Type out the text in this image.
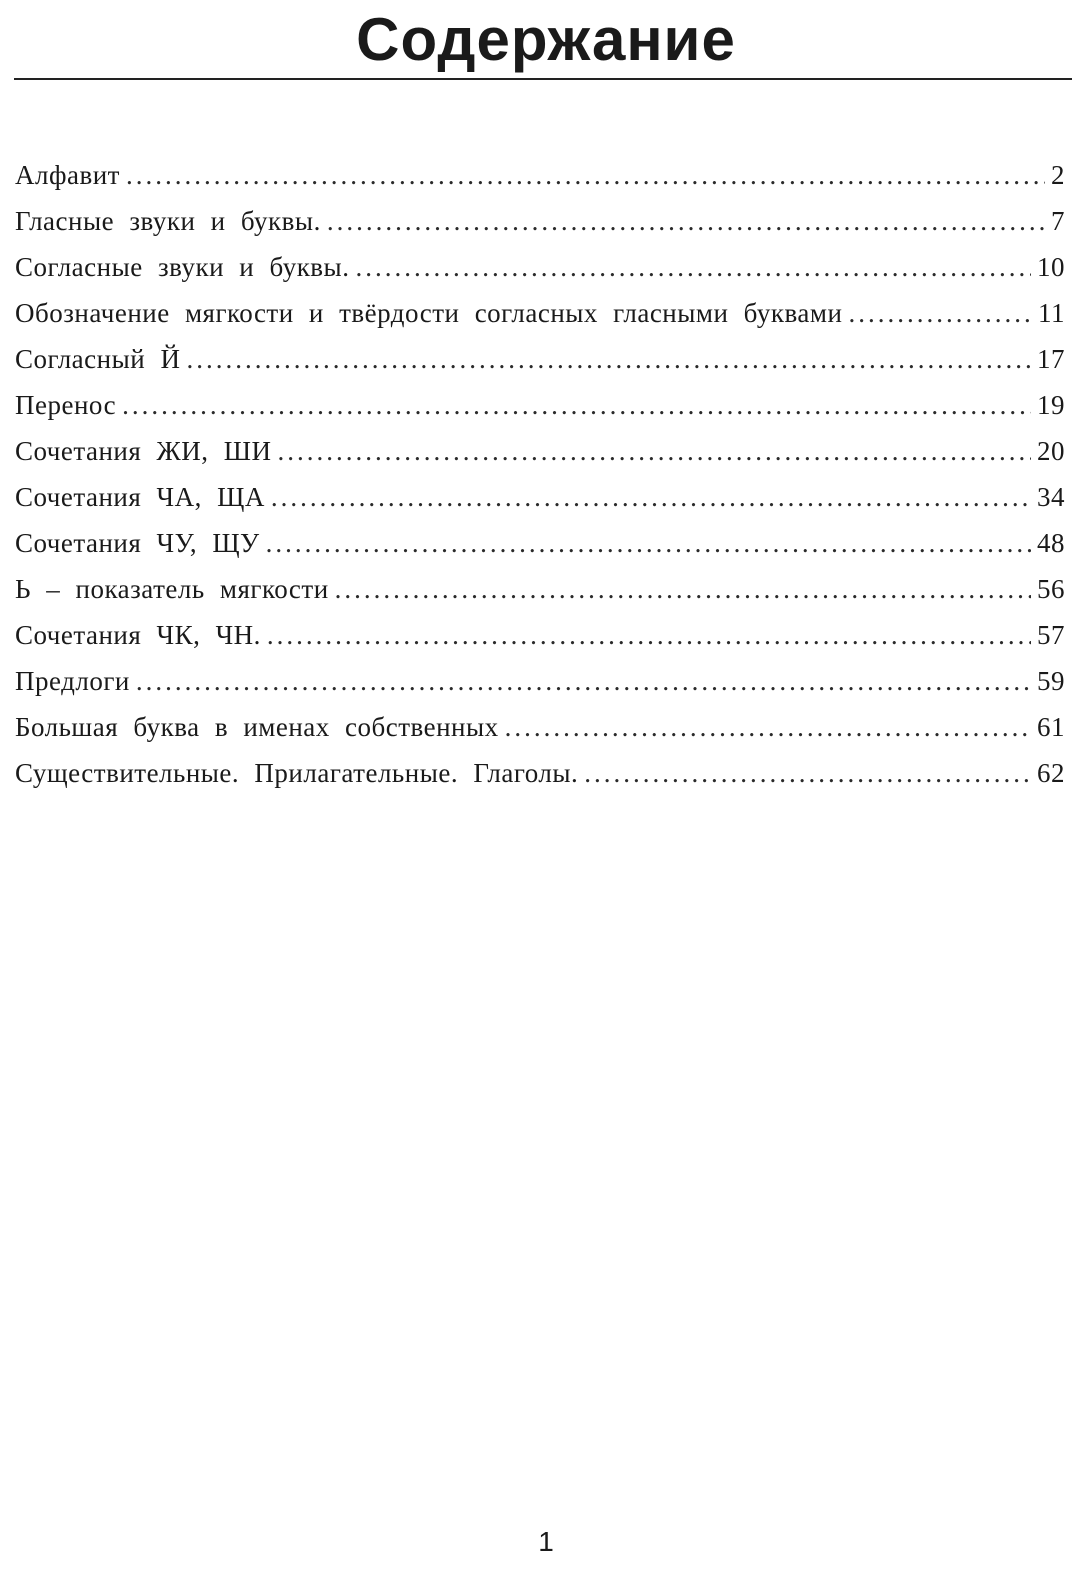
Содержание
Алфавит .....	2
Гласные звуки и буквы. .....	7
Согласные звуки и буквы. .....	10
Обозначение мягкости и твёрдости согласных гласными буквами .....	11
Согласный Й .....	17
Перенос .....	19
Сочетания ЖИ, ШИ .....	20
Сочетания ЧА, ЩА .....	34
Сочетания ЧУ, ЩУ .....	48
Ь – показатель мягкости .....	56
Сочетания ЧК, ЧН. .....	57
Предлоги .....	59
Большая буква в именах собственных .....	61
Существительные. Прилагательные. Глаголы. .....	62
1
